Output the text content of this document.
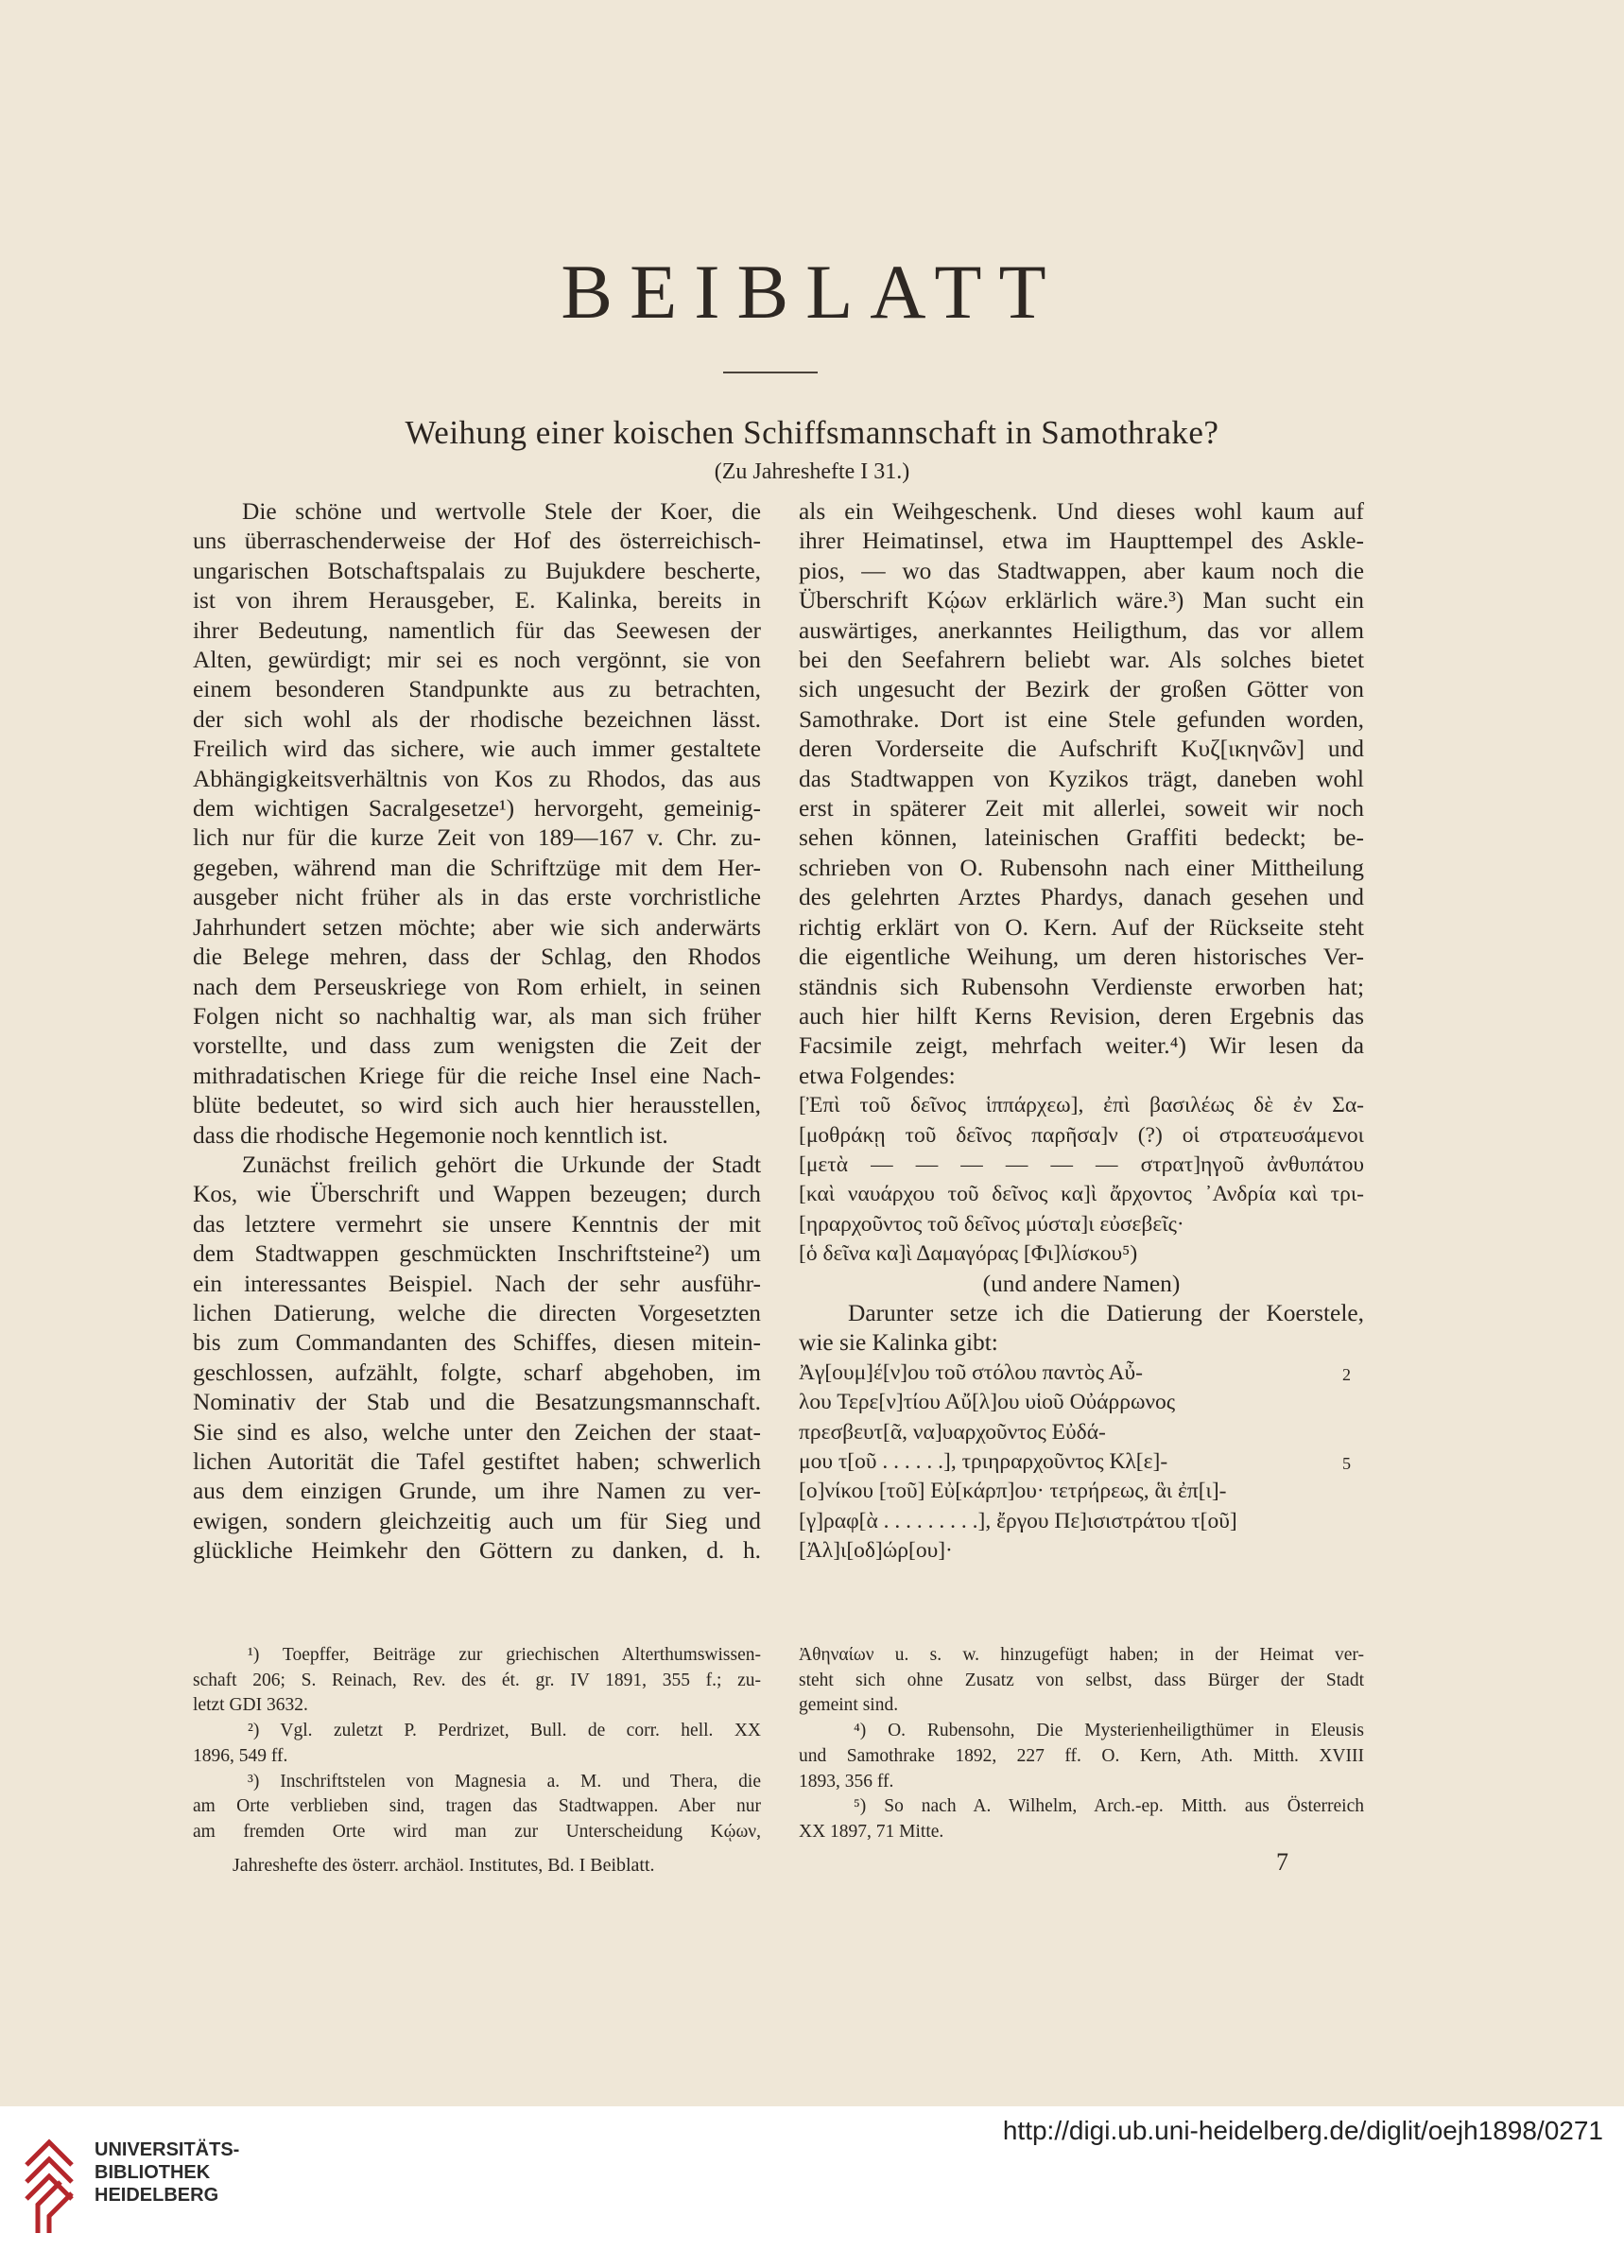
BEIBLATT
Weihung einer koischen Schiffsmannschaft in Samothrake?
(Zu Jahreshefte I 31.)
Die schöne und wertvolle Stele der Koer, die
uns überraschenderweise der Hof des österreichisch-
ungarischen Botschaftspalais zu Bujukdere bescherte,
ist von ihrem Herausgeber, E. Kalinka, bereits in
ihrer Bedeutung, namentlich für das Seewesen der
Alten, gewürdigt; mir sei es noch vergönnt, sie von
einem besonderen Standpunkte aus zu betrachten,
der sich wohl als der rhodische bezeichnen lässt.
Freilich wird das sichere, wie auch immer gestaltete
Abhängigkeitsverhältnis von Kos zu Rhodos, das aus
dem wichtigen Sacralgesetze¹) hervorgeht, gemeinig-
lich nur für die kurze Zeit von 189—167 v. Chr. zu-
gegeben, während man die Schriftzüge mit dem Her-
ausgeber nicht früher als in das erste vorchristliche
Jahrhundert setzen möchte; aber wie sich anderwärts
die Belege mehren, dass der Schlag, den Rhodos
nach dem Perseuskriege von Rom erhielt, in seinen
Folgen nicht so nachhaltig war, als man sich früher
vorstellte, und dass zum wenigsten die Zeit der
mithradatischen Kriege für die reiche Insel eine Nach-
blüte bedeutet, so wird sich auch hier herausstellen,
dass die rhodische Hegemonie noch kenntlich ist.
Zunächst freilich gehört die Urkunde der Stadt
Kos, wie Überschrift und Wappen bezeugen; durch
das letztere vermehrt sie unsere Kenntnis der mit
dem Stadtwappen geschmückten Inschriftsteine²) um
ein interessantes Beispiel. Nach der sehr ausführ-
lichen Datierung, welche die directen Vorgesetzten
bis zum Commandanten des Schiffes, diesen mitein-
geschlossen, aufzählt, folgte, scharf abgehoben, im
Nominativ der Stab und die Besatzungsmannschaft.
Sie sind es also, welche unter den Zeichen der staat-
lichen Autorität die Tafel gestiftet haben; schwerlich
aus dem einzigen Grunde, um ihre Namen zu ver-
ewigen, sondern gleichzeitig auch um für Sieg und
glückliche Heimkehr den Göttern zu danken, d. h.
als ein Weihgeschenk. Und dieses wohl kaum auf
ihrer Heimatinsel, etwa im Haupttempel des Askle-
pios, — wo das Stadtwappen, aber kaum noch die
Überschrift Κῴων erklärlich wäre.³) Man sucht ein
auswärtiges, anerkanntes Heiligthum, das vor allem
bei den Seefahrern beliebt war. Als solches bietet
sich ungesucht der Bezirk der großen Götter von
Samothrake. Dort ist eine Stele gefunden worden,
deren Vorderseite die Aufschrift Κυζ[ικηνῶν] und
das Stadtwappen von Kyzikos trägt, daneben wohl
erst in späterer Zeit mit allerlei, soweit wir noch
sehen können, lateinischen Graffiti bedeckt; be-
schrieben von O. Rubensohn nach einer Mittheilung
des gelehrten Arztes Phardys, danach gesehen und
richtig erklärt von O. Kern. Auf der Rückseite steht
die eigentliche Weihung, um deren historisches Ver-
ständnis sich Rubensohn Verdienste erworben hat;
auch hier hilft Kerns Revision, deren Ergebnis das
Facsimile zeigt, mehrfach weiter.⁴) Wir lesen da
etwa Folgendes:
[Ἐπὶ τοῦ δεῖνος ἱππάρχεω], ἐπὶ βασιλέως δὲ ἐν Σα-
[μοθράκῃ τοῦ δεῖνος παρῆσα]ν (?) οἱ στρατευσάμενοι
[μετὰ — — — — — — στρατ]ηγοῦ ἀνθυπάτου
[καὶ ναυάρχου τοῦ δεῖνος κα]ὶ ἄρχοντος ᾿Ανδρία καὶ τρι-
[ηραρχοῦντος τοῦ δεῖνος μύστα]ι εὐσεβεῖς·
[ὁ δεῖνα κα]ὶ Δαμαγόρας [Φι]λίσκου⁵)
(und andere Namen)
Darunter setze ich die Datierung der Koerstele,
wie sie Kalinka gibt:
Ἀγ[ουμ]έ[ν]ου τοῦ στόλου παντὸς Αὖ-	2
λου Τερε[ν]τίου Αὔ[λ]ου υἱοῦ Οὐάρρωνος
πρεσβευτ[ᾶ, να]υαρχοῦντος Εὐδά-
μου τ[οῦ . . . . . .], τριηραρχοῦντος Κλ[ε]-	5
[ο]νίκου [τοῦ] Εὐ[κάρπ]ου· τετρήρεως, ἃι ἐπ[ι]-
[γ]ραφ[ὰ . . . . . . . . .], ἔργου Πε]ισιστράτου τ[οῦ]
[Ἀλ]ι[οδ]ώρ[ου]·
¹) Toepffer, Beiträge zur griechischen Alterthumswissen-
schaft 206; S. Reinach, Rev. des ét. gr. IV 1891, 355 f.; zu-
letzt GDI 3632.
²) Vgl. zuletzt P. Perdrizet, Bull. de corr. hell. XX
1896, 549 ff.
³) Inschriftstelen von Magnesia a. M. und Thera, die
am Orte verblieben sind, tragen das Stadtwappen. Aber nur
am fremden Orte wird man zur Unterscheidung Κῴων,
Ἀθηναίων u. s. w. hinzugefügt haben; in der Heimat ver-
steht sich ohne Zusatz von selbst, dass Bürger der Stadt
gemeint sind.
⁴) O. Rubensohn, Die Mysterienheiligthümer in Eleusis
und Samothrake 1892, 227 ff. O. Kern, Ath. Mitth. XVIII
1893, 356 ff.
⁵) So nach A. Wilhelm, Arch.-ep. Mitth. aus Österreich
XX 1897, 71 Mitte.
Jahreshefte des österr. archäol. Institutes, Bd. I Beiblatt.	7
UNIVERSITÄTS-
BIBLIOTHEK
HEIDELBERG
http://digi.ub.uni-heidelberg.de/diglit/oejh1898/0271
